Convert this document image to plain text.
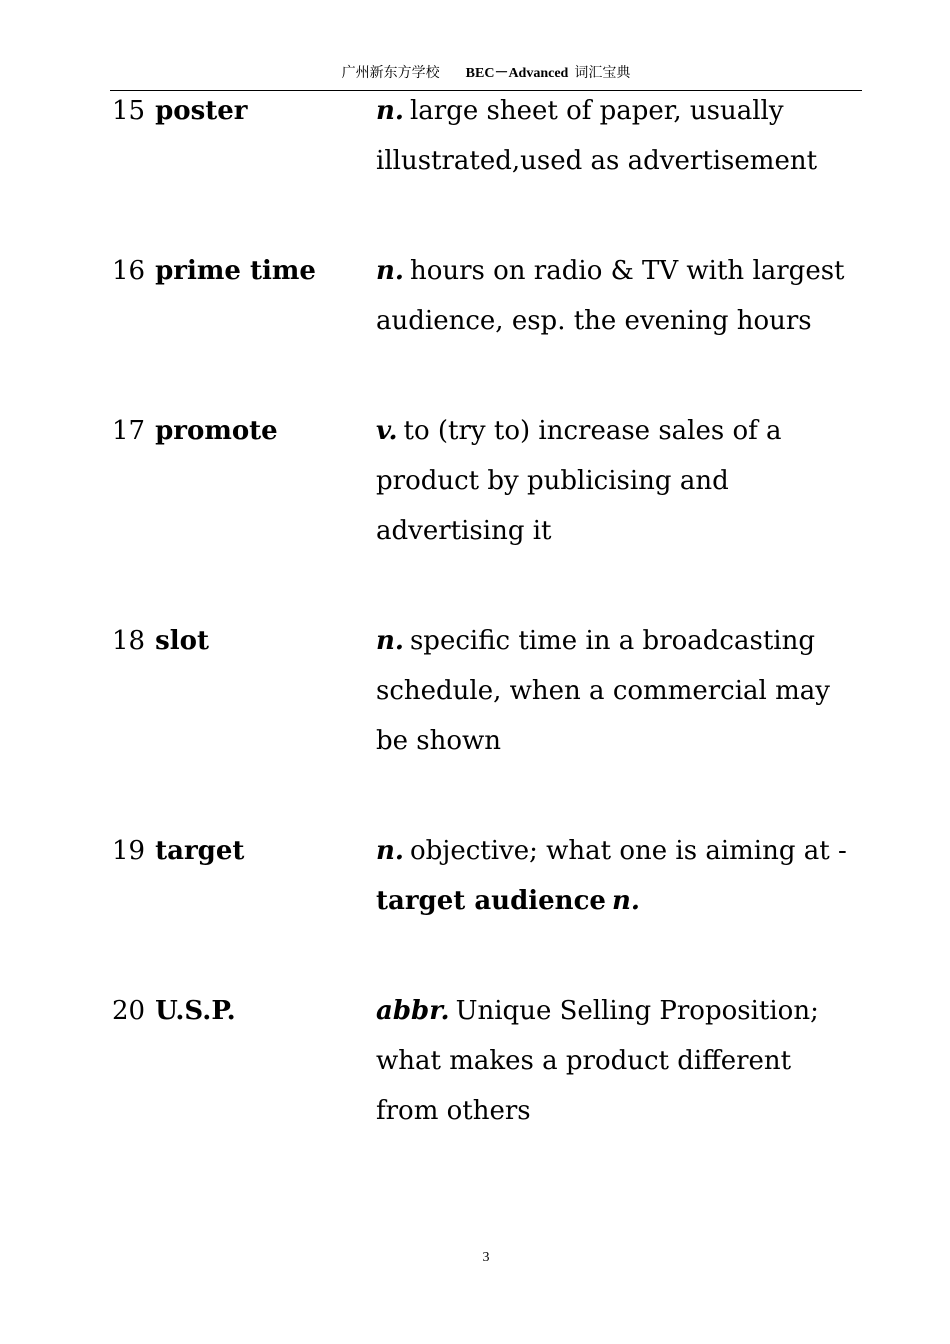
广州新东方学校 BEC－Advanced 词汇宝典
15 poster	n. large sheet of paper, usually illustrated,used as advertisement
16 prime time n. hours on radio & TV with largest audience, esp. the evening hours
17 promote	v. to (try to) increase sales of a product by publicising and advertising it
18 slot	n. specific time in a broadcasting schedule, when a commercial may be shown
19 target	n. objective; what one is aiming at -
target audience n.
20 U.S.P.	abbr. Unique Selling Proposition; what makes a product different from others
3
